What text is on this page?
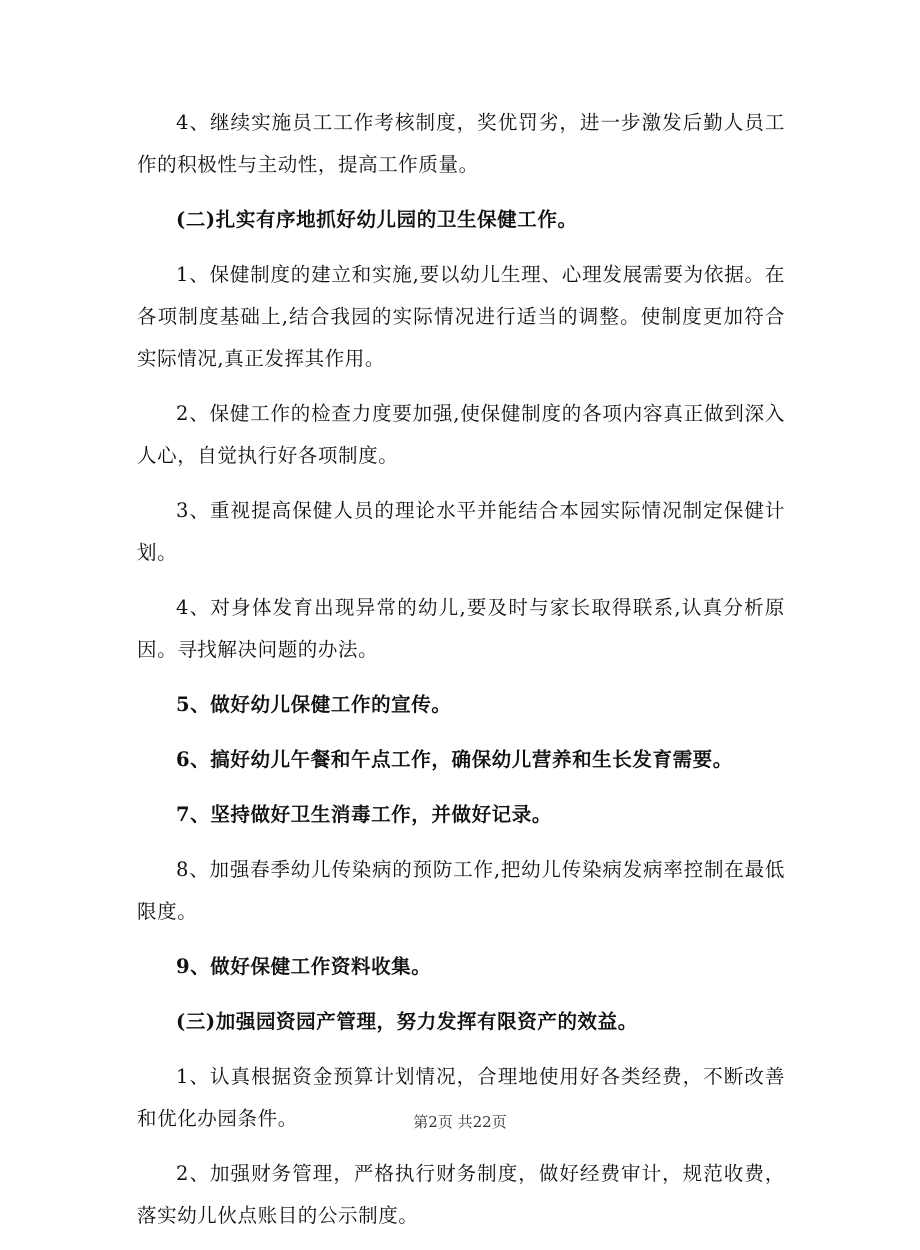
4、继续实施员工工作考核制度，奖优罚劣，进一步激发后勤人员工作的积极性与主动性，提高工作质量。

(二)扎实有序地抓好幼儿园的卫生保健工作。

1、保健制度的建立和实施,要以幼儿生理、心理发展需要为依据。在各项制度基础上,结合我园的实际情况进行适当的调整。使制度更加符合实际情况,真正发挥其作用。

2、保健工作的检查力度要加强,使保健制度的各项内容真正做到深入人心，自觉执行好各项制度。

3、重视提高保健人员的理论水平并能结合本园实际情况制定保健计划。

4、对身体发育出现异常的幼儿,要及时与家长取得联系,认真分析原因。寻找解决问题的办法。

5、做好幼儿保健工作的宣传。

6、搞好幼儿午餐和午点工作，确保幼儿营养和生长发育需要。

7、坚持做好卫生消毒工作，并做好记录。

8、加强春季幼儿传染病的预防工作,把幼儿传染病发病率控制在最低限度。

9、做好保健工作资料收集。

(三)加强园资园产管理，努力发挥有限资产的效益。

1、认真根据资金预算计划情况，合理地使用好各类经费，不断改善和优化办园条件。

2、加强财务管理，严格执行财务制度，做好经费审计，规范收费，落实幼儿伙点账目的公示制度。

第2页 共22页
